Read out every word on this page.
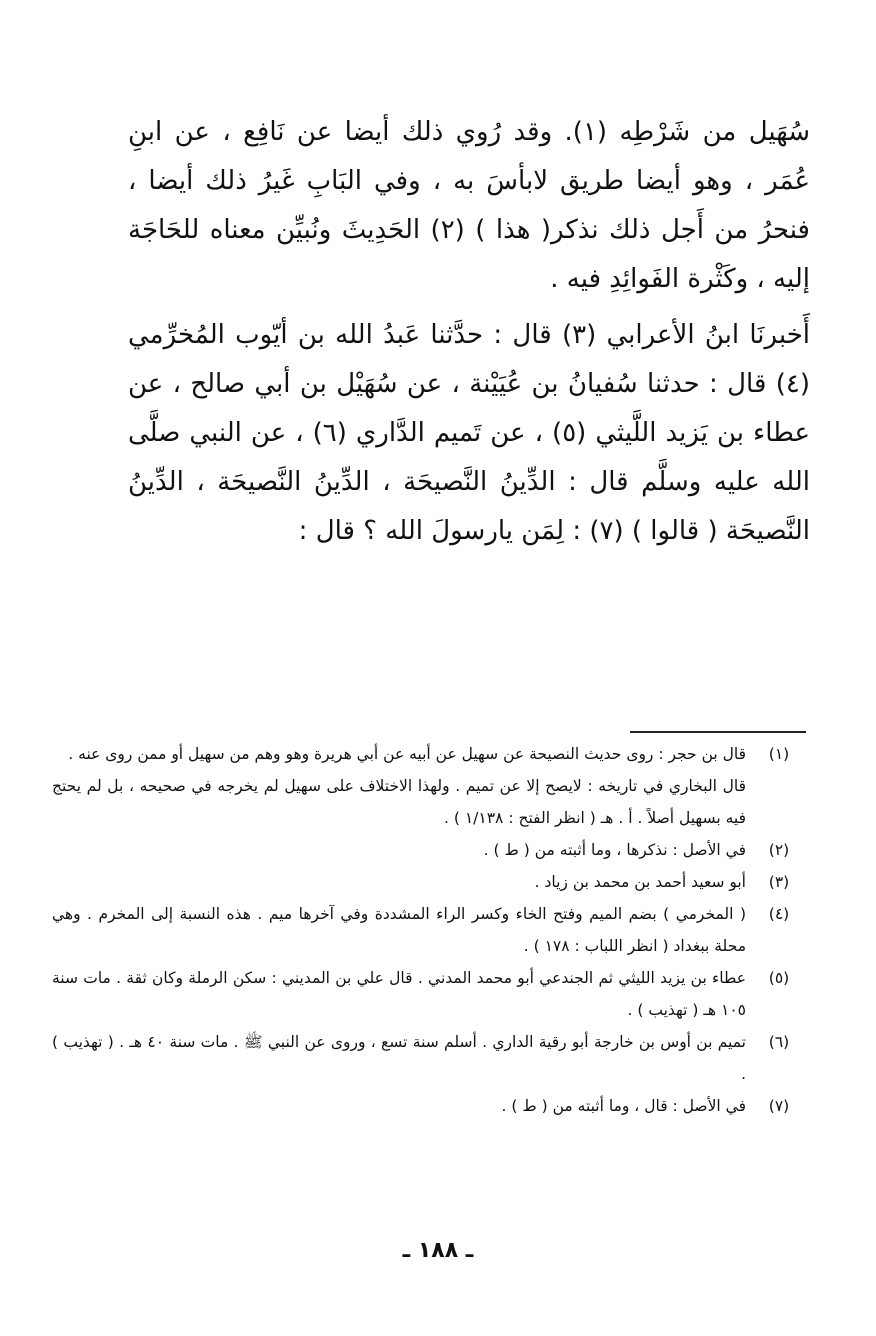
سُهَيل من شَرْطِه (١). وقد رُوي ذلك أيضا عن نَافِع ، عن ابنِ عُمَر ، وهو أيضا طريق لابأسَ به ، وفي البَابِ غَيرُ ذلك أيضا ، فنحرُ من أَجل ذلك نذكر( هذا ) (٢) الحَدِيثَ ونُبيِّن معناه للحَاجَة إليه ، وكَثْرة الفَوائِدِ فيه .

أَخبرنَا ابنُ الأعرابي (٣) قال : حدَّثنا عَبدُ الله بن أيّوب المُخرِّمي (٤) قال : حدثنا سُفيانُ بن عُيَيْنة ، عن سُهَيْل بن أبي صالح ، عن عطاء بن يَزيد اللَّيثي (٥) ، عن تَميم الدَّاري (٦) ، عن النبي صلَّى الله عليه وسلَّم قال : الدِّينُ النَّصيحَة ، الدِّينُ النَّصيحَة ، الدِّينُ النَّصيحَة ( قالوا ) (٧) : لِمَن يارسولَ الله ؟ قال :

(١)
قال بن حجر : روى حديث النصيحة عن سهيل عن أبيه عن أبي هريرة وهو وهم من سهيل أو ممن روى عنه .
قال البخاري في تاريخه : لايصح إلا عن تميم . ولهذا الاختلاف على سهيل لم يخرجه في صحيحه ، بل لم يحتج فيه بسهيل أصلاً . أ . هـ ( انظر الفتح : ١/١٣٨ ) .
(٢)
في الأصل : نذكرها ، وما أثبته من ( ط ) .
(٣)
أبو سعيد أحمد بن محمد بن زياد .
(٤)
( المخرمي ) بضم الميم وفتح الخاء وكسر الراء المشددة وفي آخرها ميم . هذه النسبة إلى المخرم . وهي محلة ببغداد ( انظر اللباب : ١٧٨ ) .
(٥)
عطاء بن يزيد الليثي ثم الجندعي أبو محمد المدني . قال علي بن المديني : سكن الرملة وكان ثقة . مات سنة ١٠٥ هـ ( تهذيب ) .
(٦)
تميم بن أوس بن خارجة أبو رقية الداري . أسلم سنة تسع ، وروى عن النبي ﷺ . مات سنة ٤٠ هـ . ( تهذيب ) .
(٧)
في الأصل : قال ، وما أثبته من ( ط ) .
ـ ١٨٨ ـ
